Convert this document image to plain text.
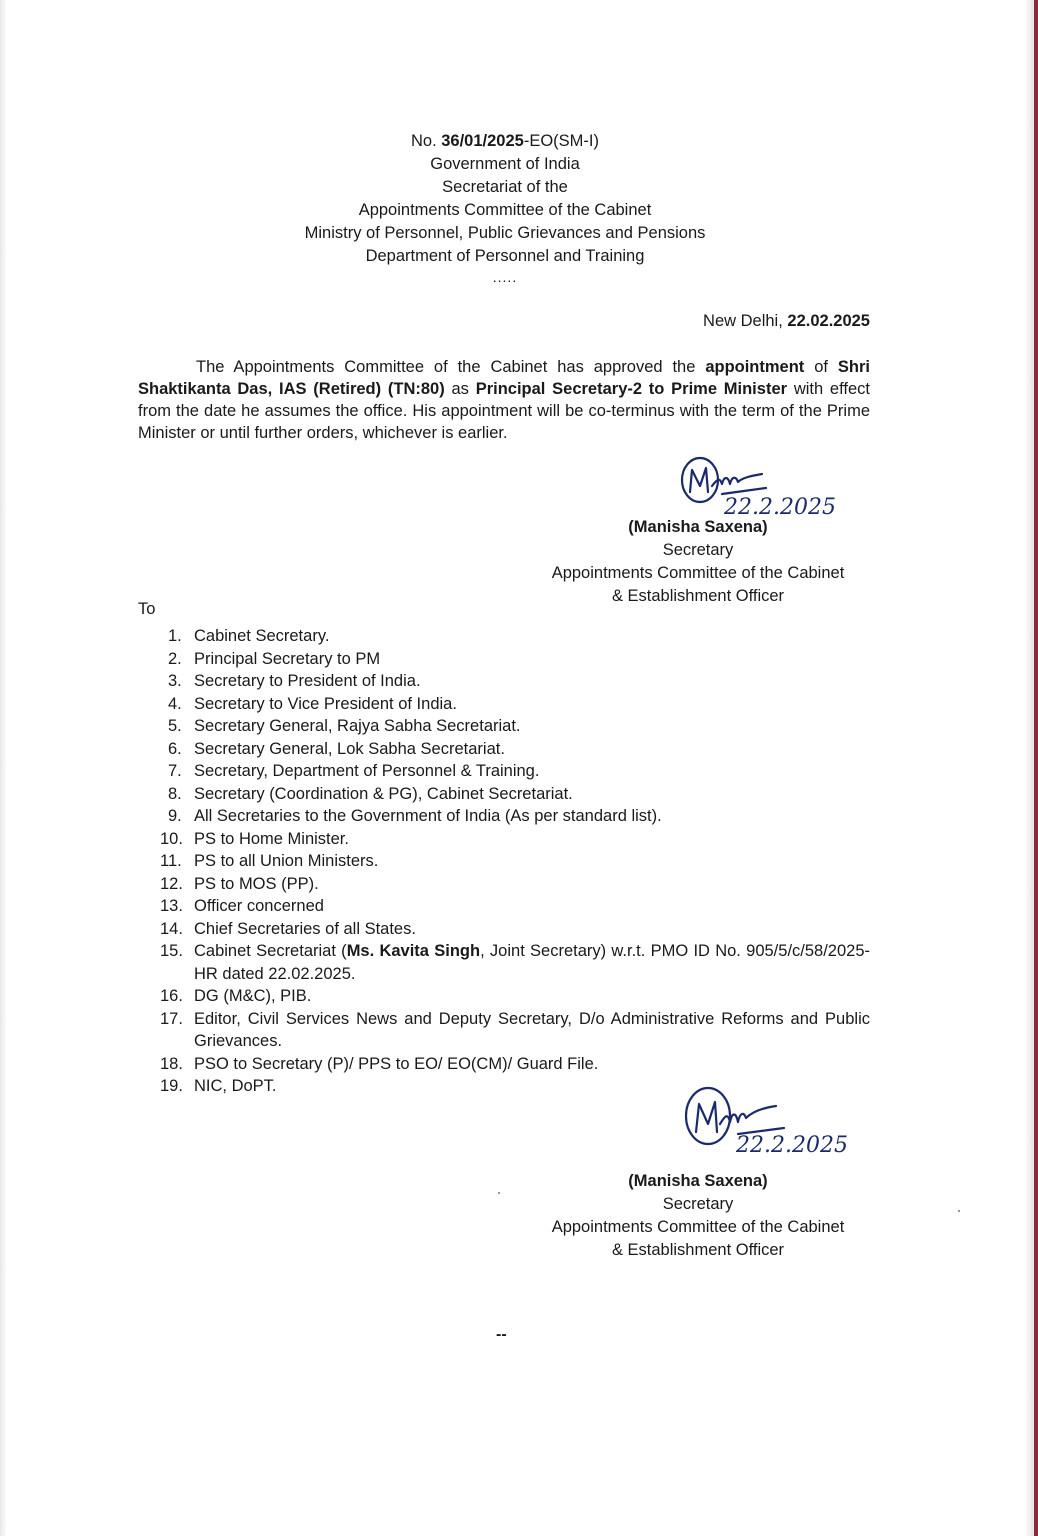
No. 36/01/2025-EO(SM-I)
Government of India
Secretariat of the
Appointments Committee of the Cabinet
Ministry of Personnel, Public Grievances and Pensions
Department of Personnel and Training
.....
New Delhi, 22.02.2025
The Appointments Committee of the Cabinet has approved the appointment of Shri Shaktikanta Das, IAS (Retired) (TN:80) as Principal Secretary-2 to Prime Minister with effect from the date he assumes the office. His appointment will be co-terminus with the term of the Prime Minister or until further orders, whichever is earlier.
22.2.2025
(Manisha Saxena)
Secretary
Appointments Committee of the Cabinet
& Establishment Officer
To
1. Cabinet Secretary.
2. Principal Secretary to PM
3. Secretary to President of India.
4. Secretary to Vice President of India.
5. Secretary General, Rajya Sabha Secretariat.
6. Secretary General, Lok Sabha Secretariat.
7. Secretary, Department of Personnel & Training.
8. Secretary (Coordination & PG), Cabinet Secretariat.
9. All Secretaries to the Government of India (As per standard list).
10. PS to Home Minister.
11. PS to all Union Ministers.
12. PS to MOS (PP).
13. Officer concerned
14. Chief Secretaries of all States.
15. Cabinet Secretariat (Ms. Kavita Singh, Joint Secretary) w.r.t. PMO ID No. 905/5/c/58/2025-HR dated 22.02.2025.
16. DG (M&C), PIB.
17. Editor, Civil Services News and Deputy Secretary, D/o Administrative Reforms and Public Grievances.
18. PSO to Secretary (P)/ PPS to EO/ EO(CM)/ Guard File.
19. NIC, DoPT.
22.2.2025
(Manisha Saxena)
Secretary
Appointments Committee of the Cabinet
& Establishment Officer
--
